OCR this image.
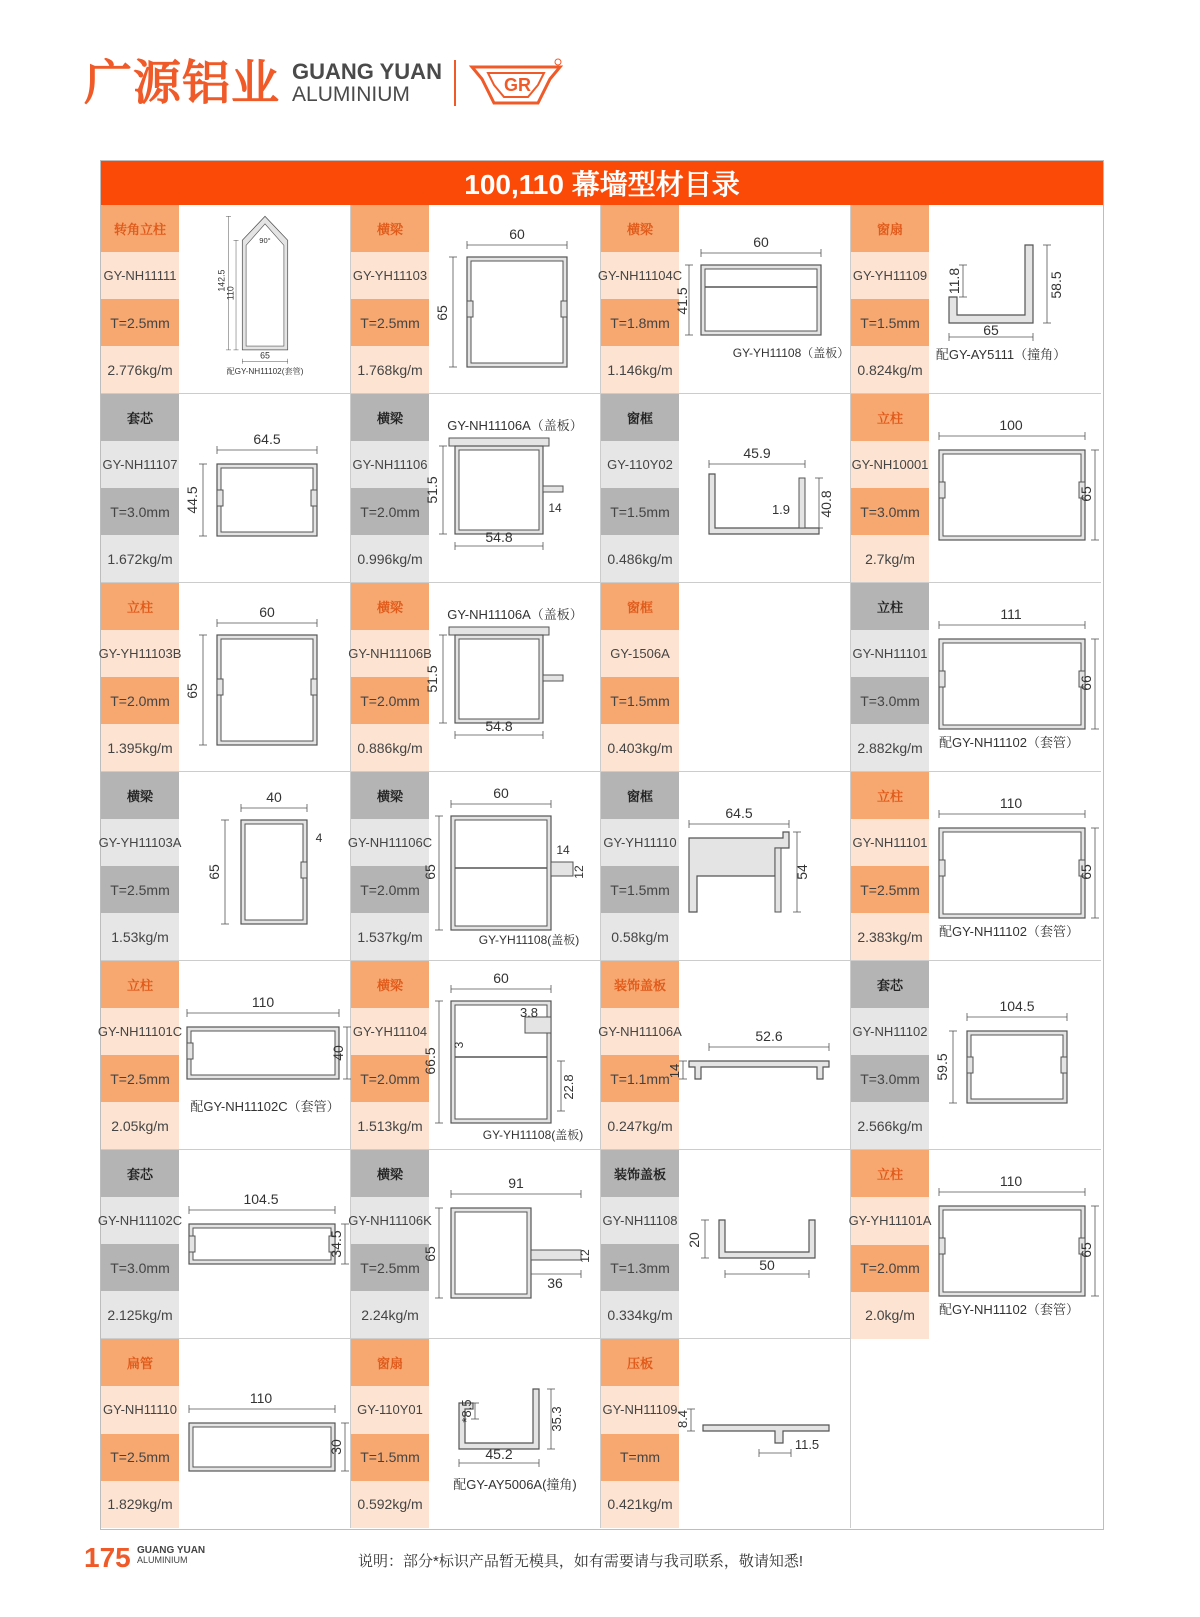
广源铝业 GUANG YUAN
ALUMINIUM	GR
100,110 幕墙型材目录
转角立柱
GY-NH11111
T=2.5mm
2.776kg/m
142.5
110
65
90°
配GY-NH11102(套管)
横梁
GY-YH11103
T=2.5mm
1.768kg/m
60
65
横梁
GY-NH11104C
T=1.8mm
1.146kg/m
60
41.5
GY-YH11108（盖板）
窗扇
GY-YH11109
T=1.5mm
0.824kg/m
11.8	58.5
65
配GY-AY5111（撞角）
套芯
GY-NH11107
T=3.0mm
1.672kg/m
64.5
44.5
横梁
GY-NH11106
T=2.0mm
0.996kg/m
51.5
14
54.8
GY-NH11106A（盖板）	窗框
GY-110Y02
T=1.5mm
0.486kg/m
45.9
1.9 40.8
立柱
GY-NH10001
T=3.0mm
2.7kg/m
100
65
立柱
GY-YH11103B
T=2.0mm
1.395kg/m
60
65
横梁
GY-NH11106B
T=2.0mm
0.886kg/m
51.5
54.8
GY-NH11106A（盖板）	窗框
GY-1506A
T=1.5mm
0.403kg/m
立柱
GY-NH11101
T=3.0mm
2.882kg/m
111
66
配GY-NH11102（套管）
横梁
GY-YH11103A
T=2.5mm
1.53kg/m
40
65
4
横梁
GY-NH11106C
T=2.0mm
1.537kg/m
60
65
14
12
GY-YH11108(盖板)
窗框
GY-YH11110
T=1.5mm
0.58kg/m
64.5
54
立柱
GY-NH11101
T=2.5mm
2.383kg/m
110
65
配GY-NH11102（套管）
立柱
GY-NH11101C
T=2.5mm
2.05kg/m
110
40
配GY-NH11102C（套管）
横梁
GY-YH11104
T=2.0mm
1.513kg/m
60
66.5
3.8
3
22.8
GY-YH11108(盖板)
装饰盖板
GY-NH11106A
T=1.1mm
0.247kg/m
52.6
14
套芯
GY-NH11102
T=3.0mm
2.566kg/m
104.5
59.5
套芯
GY-NH11102C
T=3.0mm
2.125kg/m
104.5
34.5
横梁
GY-NH11106K
T=2.5mm
2.24kg/m
91
65	12
36
装饰盖板
GY-NH11108
T=1.3mm
0.334kg/m
20
50
立柱
GY-YH11101A
T=2.0mm
2.0kg/m
110
65
配GY-NH11102（套管）
扁管
GY-NH11110
T=2.5mm
1.829kg/m
110
30
窗扇
GY-110Y01
T=1.5mm
0.592kg/m
*8.5	35.3
45.2
配GY-AY5006A(撞角)
压板
GY-NH11109
T=mm
0.421kg/m
8.4
11.5
175 GUANG YUAN
ALUMINIUM	说明：部分*标识产品暂无模具，如有需要请与我司联系，敬请知悉!
